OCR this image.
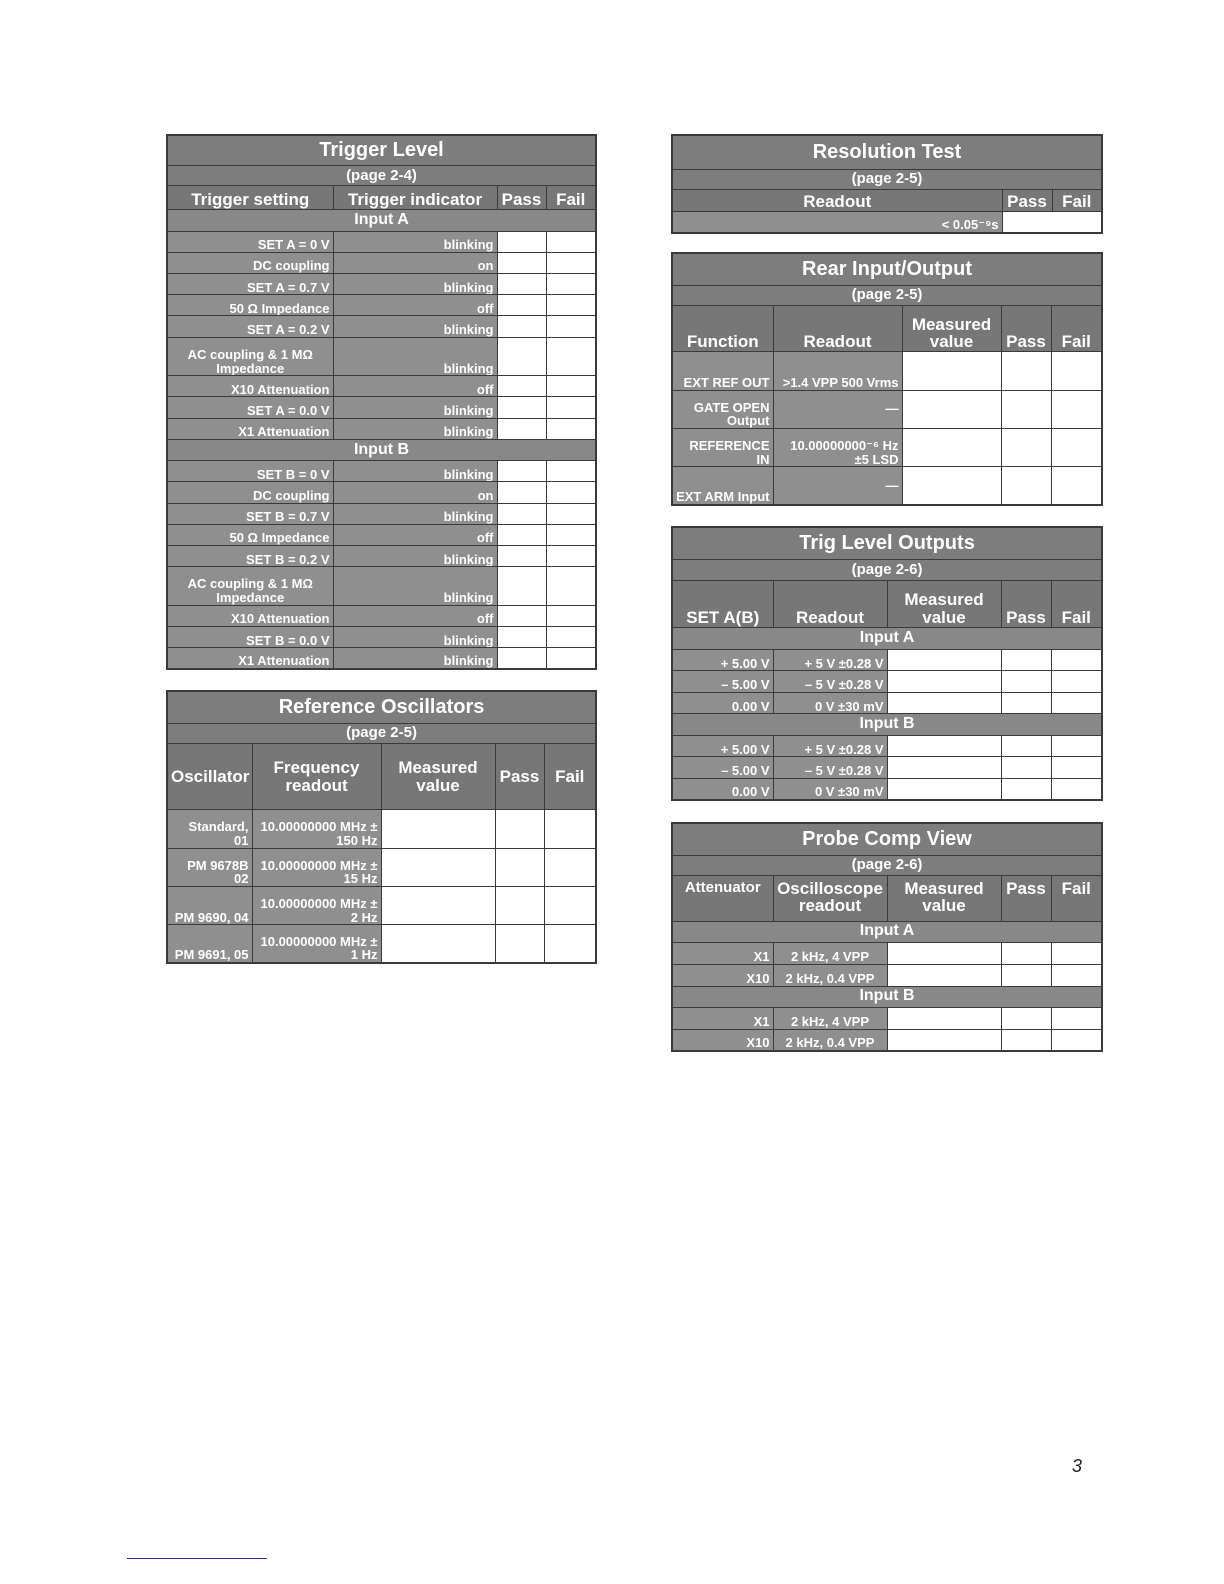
Trigger Level			
(page 2-4)			
Trigger setting	Trigger indicator	Pass	Fail
Input A			
SET A = 0 V	blinking		
DC coupling	on		
SET A = 0.7 V	blinking		
50 Ω Impedance	off		
SET A = 0.2 V	blinking		
AC coupling & 1 MΩ Impedance	blinking		
X10 Attenuation	off		
SET A = 0.0 V	blinking		
X1 Attenuation	blinking		
Input B			
SET B = 0 V	blinking		
DC coupling	on		
SET B = 0.7 V	blinking		
50 Ω Impedance	off		
SET B = 0.2 V	blinking		
AC coupling & 1 MΩ Impedance	blinking		
X10 Attenuation	off		
SET B = 0.0 V	blinking		
X1 Attenuation	blinking		
Reference Oscillators				
(page 2-5)				
Oscillator	Frequency readout	Measured value	Pass	Fail
Standard, 01	10.00000000 MHz ± 150 Hz			
PM 9678B 02	10.00000000 MHz ± 15 Hz			
PM 9690, 04	10.00000000 MHz ± 2 Hz			
PM 9691, 05	10.00000000 MHz ± 1 Hz			
Resolution Test		
(page 2-5)		
Readout	Pass	Fail
< 0.05⁻⁹s		
Rear Input/Output				
(page 2-5)				
Function	Readout	Measured value	Pass	Fail
EXT REF OUT	>1.4 VPP 500 Vrms			
GATE OPEN Output	—			
REFERENCE IN	10.00000000⁻⁶ Hz ±5 LSD			
EXT ARM Input	—			
Trig Level Outputs				
(page 2-6)				
SET A(B)	Readout	Measured value	Pass	Fail
Input A				
+ 5.00 V	+ 5 V ±0.28 V			
– 5.00 V	– 5 V ±0.28 V			
0.00 V	0 V ±30 mV			
Input B				
+ 5.00 V	+ 5 V ±0.28 V			
– 5.00 V	– 5 V ±0.28 V			
0.00 V	0 V ±30 mV			
Probe Comp View				
(page 2-6)				
Attenuator	Oscilloscope readout	Measured value	Pass	Fail
Input A				
X1	2 kHz, 4 VPP			
X10	2 kHz, 0.4 VPP			
Input B				
X1	2 kHz, 4 VPP			
X10	2 kHz, 0.4 VPP			
3
